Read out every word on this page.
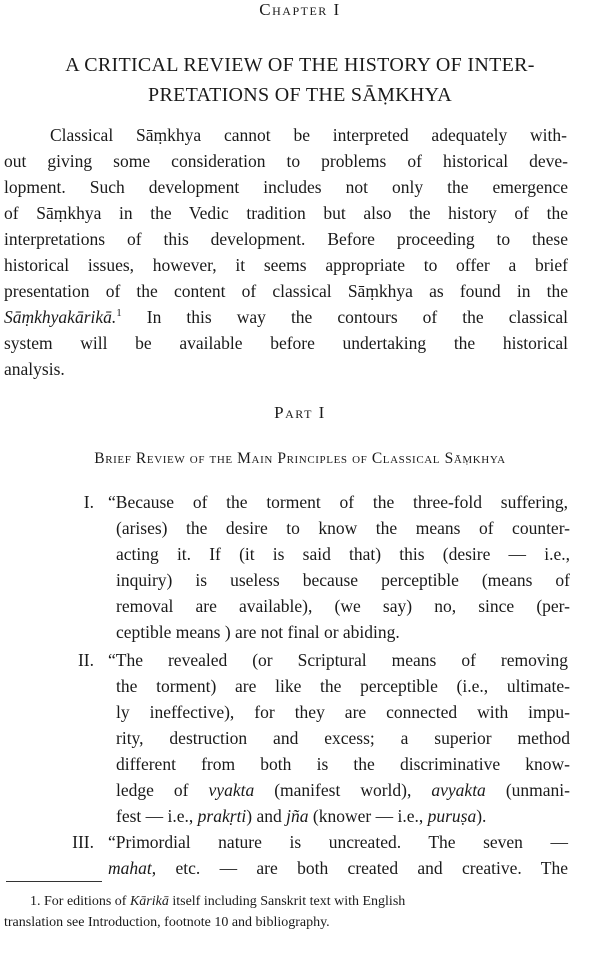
Chapter I
A CRITICAL REVIEW OF THE HISTORY OF INTER-
PRETATIONS OF THE SĀṂKHYA
Classical Sāṃkhya cannot be interpreted adequately with-
out giving some consideration to problems of historical deve-
lopment. Such development includes not only the emergence
of Sāṃkhya in the Vedic tradition but also the history of the
interpretations of this development. Before proceeding to these
historical issues, however, it seems appropriate to offer a brief
presentation of the content of classical Sāṃkhya as found in the
Sāṃkhyakārikā.$^1$ In this way the contours of the classical
system will be available before undertaking the historical
analysis.
Part I
Brief Review of the Main Principles of Classical Sāṃkhya
I. “Because of the torment of the three-fold suffering,
(arises) the desire to know the means of counter-
acting it. If (it is said that) this (desire — i.e.,
inquiry) is useless because perceptible (means of
removal are available), (we say) no, since (per-
ceptible means ) are not final or abiding.
II. “The revealed (or Scriptural means of removing
the torment) are like the perceptible (i.e., ultimate-
ly ineffective), for they are connected with impu-
rity, destruction and excess; a superior method
different from both is the discriminative know-
ledge of vyakta (manifest world), avyakta (unmani-
fest — i.e., prakṛti) and jña (knower — i.e., puruṣa).
III. “Primordial nature is uncreated. The seven —
mahat, etc. — are both created and creative. The
1. For editions of Kārikā itself including Sanskrit text with English
translation see Introduction, footnote 10 and bibliography.
